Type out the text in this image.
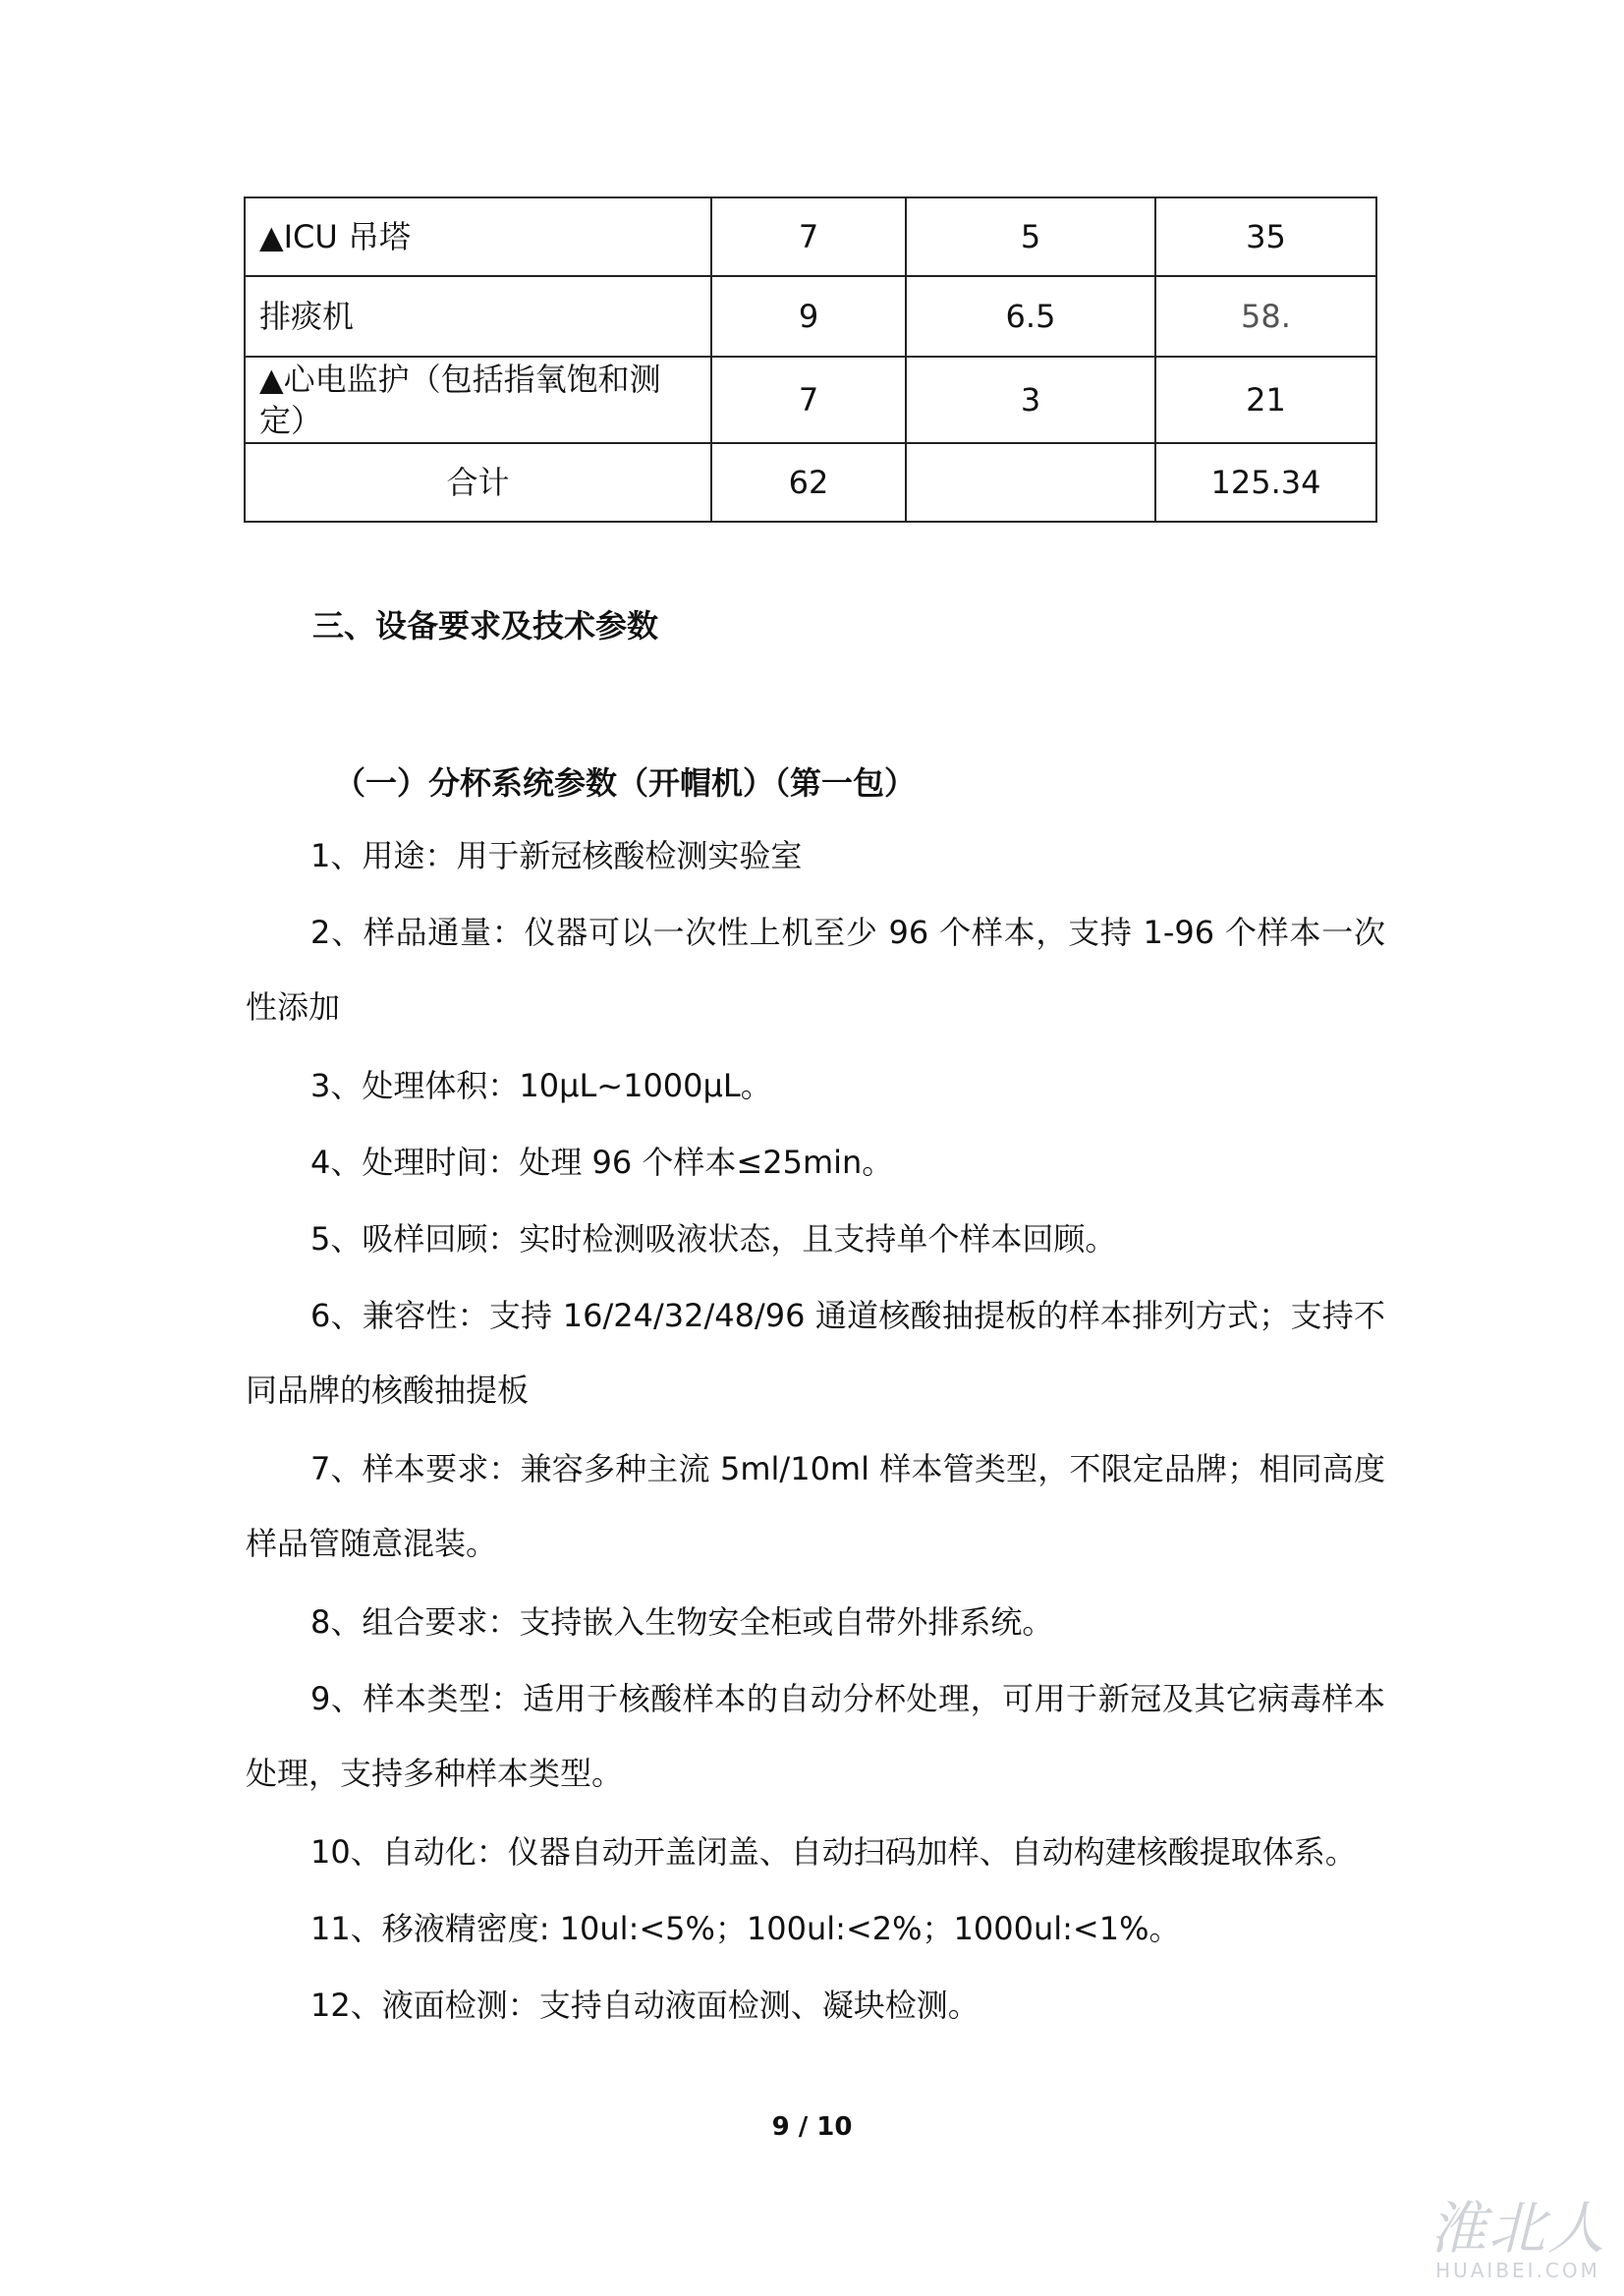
▲ICU 吊塔	7	5	35
排痰机	9	6.5	58.
▲心电监护（包括指氧饱和测定）	7	3	21
合计	62		125.34
三、设备要求及技术参数
（一）分杯系统参数（开帽机）（第一包）
1、用途：用于新冠核酸检测实验室
2、样品通量：仪器可以一次性上机至少 96 个样本，支持 1-96 个样本一次性添加
3、处理体积：10μL~1000μL。
4、处理时间：处理 96 个样本≤25min。
5、吸样回顾：实时检测吸液状态，且支持单个样本回顾。
6、兼容性：支持 16/24/32/48/96 通道核酸抽提板的样本排列方式；支持不同品牌的核酸抽提板
7、样本要求：兼容多种主流 5ml/10ml 样本管类型，不限定品牌；相同高度样品管随意混装。
8、组合要求：支持嵌入生物安全柜或自带外排系统。
9、样本类型：适用于核酸样本的自动分杯处理，可用于新冠及其它病毒样本处理，支持多种样本类型。
10、自动化：仪器自动开盖闭盖、自动扫码加样、自动构建核酸提取体系。
11、移液精密度: 10ul:<5%；100ul:<2%；1000ul:<1%。
12、液面检测：支持自动液面检测、凝块检测。
9 / 10
淮北人
HUAIBEI.COM
